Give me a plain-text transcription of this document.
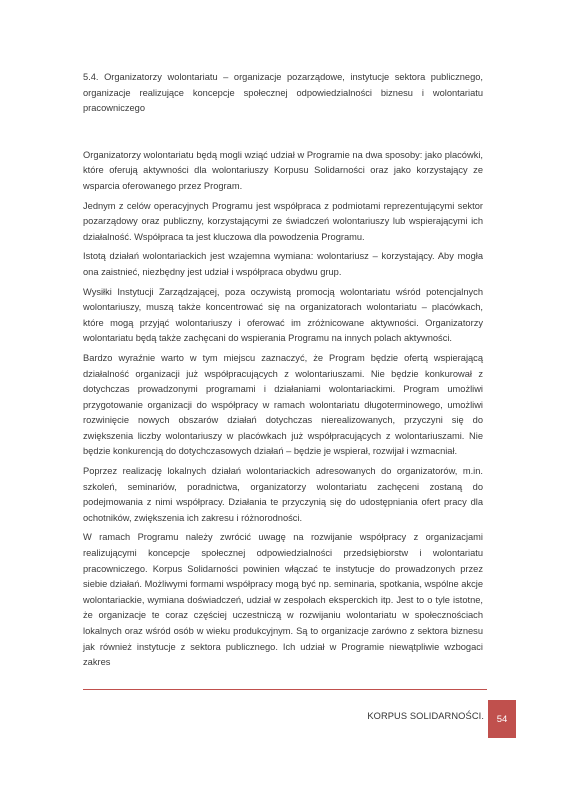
5.4. Organizatorzy wolontariatu – organizacje pozarządowe, instytucje sektora publicznego, organizacje realizujące koncepcje społecznej odpowiedzialności biznesu i wolontariatu pracowniczego

Organizatorzy wolontariatu będą mogli wziąć udział w Programie na dwa sposoby: jako placówki, które oferują aktywności dla wolontariuszy Korpusu Solidarności oraz jako korzystający ze wsparcia oferowanego przez Program.

Jednym z celów operacyjnych Programu jest współpraca z podmiotami reprezentującymi sektor pozarządowy oraz publiczny, korzystającymi ze świadczeń wolontariuszy lub wspierającymi ich działalność. Współpraca ta jest kluczowa dla powodzenia Programu.

Istotą działań wolontariackich jest wzajemna wymiana: wolontariusz – korzystający. Aby mogła ona zaistnieć, niezbędny jest udział i współpraca obydwu grup.

Wysiłki Instytucji Zarządzającej, poza oczywistą promocją wolontariatu wśród potencjalnych wolontariuszy, muszą także koncentrować się na organizatorach wolontariatu – placówkach, które mogą przyjąć wolontariuszy i oferować im zróżnicowane aktywności. Organizatorzy wolontariatu będą także zachęcani do wspierania Programu na innych polach aktywności.

Bardzo wyraźnie warto w tym miejscu zaznaczyć, że Program będzie ofertą wspierającą działalność organizacji już współpracujących z wolontariuszami. Nie będzie konkurował z dotychczas prowadzonymi programami i działaniami wolontariackimi. Program umożliwi przygotowanie organizacji do współpracy w ramach wolontariatu długoterminowego, umożliwi rozwinięcie nowych obszarów działań dotychczas nierealizowanych, przyczyni się do zwiększenia liczby wolontariuszy w placówkach już współpracujących z wolontariuszami. Nie będzie konkurencją do dotychczasowych działań – będzie je wspierał, rozwijał i wzmacniał.

Poprzez realizację lokalnych działań wolontariackich adresowanych do organizatorów, m.in. szkoleń, seminariów, poradnictwa, organizatorzy wolontariatu zachęceni zostaną do podejmowania z nimi współpracy. Działania te przyczynią się do udostępniania ofert pracy dla ochotników, zwiększenia ich zakresu i różnorodności.

W ramach Programu należy zwrócić uwagę na rozwijanie współpracy z organizacjami realizującymi koncepcje społecznej odpowiedzialności przedsiębiorstw i wolontariatu pracowniczego. Korpus Solidarności powinien włączać te instytucje do prowadzonych przez siebie działań. Możliwymi formami współpracy mogą być np. seminaria, spotkania, wspólne akcje wolontariackie, wymiana doświadczeń, udział w zespołach eksperckich itp. Jest to o tyle istotne, że organizacje te coraz częściej uczestniczą w rozwijaniu wolontariatu w społecznościach lokalnych oraz wśród osób w wieku produkcyjnym. Są to organizacje zarówno z sektora biznesu jak również instytucje z sektora publicznego. Ich udział w Programie niewątpliwie wzbogaci zakres

KORPUS SOLIDARNOŚCI. 54
